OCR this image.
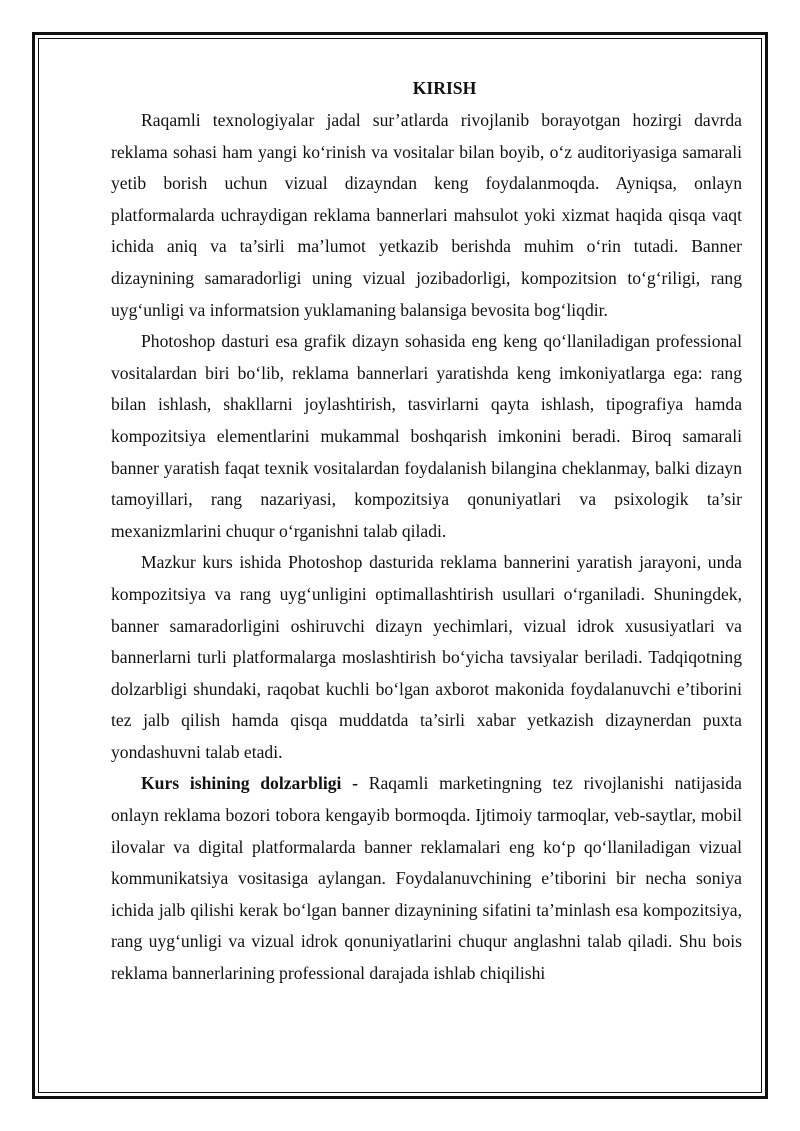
KIRISH

Raqamli texnologiyalar jadal sur’atlarda rivojlanib borayotgan hozirgi davrda reklama sohasi ham yangi ko‘rinish va vositalar bilan boyib, o‘z auditoriyasiga samarali yetib borish uchun vizual dizayndan keng foydalanmoqda. Ayniqsa, onlayn platformalarda uchraydigan reklama bannerlari mahsulot yoki xizmat haqida qisqa vaqt ichida aniq va ta’sirli ma’lumot yetkazib berishda muhim o‘rin tutadi. Banner dizaynining samaradorligi uning vizual jozibadorligi, kompozitsion to‘g‘riligi, rang uyg‘unligi va informatsion yuklamaning balansiga bevosita bog‘liqdir.

Photoshop dasturi esa grafik dizayn sohasida eng keng qo‘llaniladigan professional vositalardan biri bo‘lib, reklama bannerlari yaratishda keng imkoniyatlarga ega: rang bilan ishlash, shakllarni joylashtirish, tasvirlarni qayta ishlash, tipografiya hamda kompozitsiya elementlarini mukammal boshqarish imkonini beradi. Biroq samarali banner yaratish faqat texnik vositalardan foydalanish bilangina cheklanmay, balki dizayn tamoyillari, rang nazariyasi, kompozitsiya qonuniyatlari va psixologik ta’sir mexanizmlarini chuqur o‘rganishni talab qiladi.

Mazkur kurs ishida Photoshop dasturida reklama bannerini yaratish jarayoni, unda kompozitsiya va rang uyg‘unligini optimallashtirish usullari o‘rganiladi. Shuningdek, banner samaradorligini oshiruvchi dizayn yechimlari, vizual idrok xususiyatlari va bannerlarni turli platformalarga moslashtirish bo‘yicha tavsiyalar beriladi. Tadqiqotning dolzarbligi shundaki, raqobat kuchli bo‘lgan axborot makonida foydalanuvchi e’tiborini tez jalb qilish hamda qisqa muddatda ta’sirli xabar yetkazish dizaynerdan puxta yondashuvni talab etadi.

Kurs ishining dolzarbligi - Raqamli marketingning tez rivojlanishi natijasida onlayn reklama bozori tobora kengayib bormoqda. Ijtimoiy tarmoqlar, veb-saytlar, mobil ilovalar va digital platformalarda banner reklamalari eng ko‘p qo‘llaniladigan vizual kommunikatsiya vositasiga aylangan. Foydalanuvchining e’tiborini bir necha soniya ichida jalb qilishi kerak bo‘lgan banner dizaynining sifatini ta’minlash esa kompozitsiya, rang uyg‘unligi va vizual idrok qonuniyatlarini chuqur anglashni talab qiladi. Shu bois reklama bannerlarining professional darajada ishlab chiqilishi
